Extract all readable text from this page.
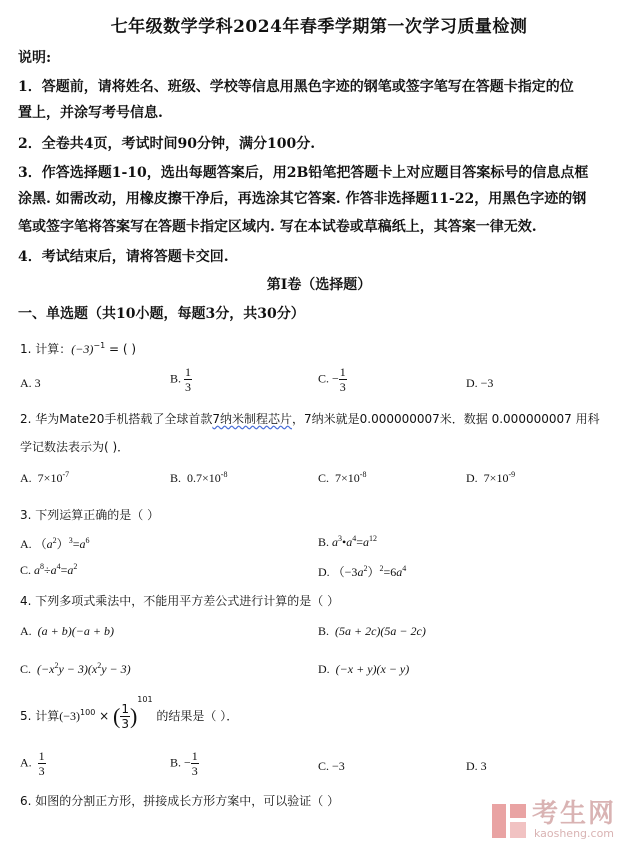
七年级数学学科2024年春季学期第一次学习质量检测
说明:
1．答题前，请将姓名、班级、学校等信息用黑色字迹的钢笔或签字笔写在答题卡指定的位
置上，并涂写考号信息.
2．全卷共4页，考试时间90分钟，满分100分.
3．作答选择题1-10，选出每题答案后，用2B铅笔把答题卡上对应题目答案标号的信息点框
涂黑. 如需改动，用橡皮擦干净后，再选涂其它答案. 作答非选择题11-22，用黑色字迹的钢
笔或签字笔将答案写在答题卡指定区域内. 写在本试卷或草稿纸上，其答案一律无效.
4．考试结束后，请将答题卡交回.
第Ⅰ卷（选择题）
一、单选题（共10小题，每题3分，共30分）
1. 计算：$(-3)^{-1}$ = ( )
A. 3	B. $\frac{1}{3}$	C. − $\frac{1}{3}$	D. −3
2. 华为Mate20手机搭载了全球首款7纳米制程芯片，7纳米就是0.000000007米．数据 0.000000007 用科
学记数法表示为( )．
A. $7\times 10^{-7}$	B. $0.7\times 10^{-8}$	C. $7\times 10^{-8}$	D. $7\times 10^{-9}$
3. 下列运算正确的是（ ）
A. $(a^2)^3=a^6$	B. $a^3•a^4=a^{12}$
C. $a^8\div a^4=a^2$	D. $(-3a^2)^2=6a^4$
4. 下列多项式乘法中，不能用平方差公式进行计算的是（ ）
A. (a + b)(−a + b)	B. (5a + 2c)(5a − 2c)
C. $(-x^2y - 3)(x^2y - 3)$	D. (−x + y)(x − y)
5. 计算$(-3)^{100}$ × ( $\frac{1}{3} )^{101}$ 的结果是（ ）．
A. $\frac{1}{3}$	B. − $\frac{1}{3}$	C. −3	D. 3
6. 如图的分割正方形，拼接成长方形方案中，可以验证（ ）	考生网
kaosheng.com
